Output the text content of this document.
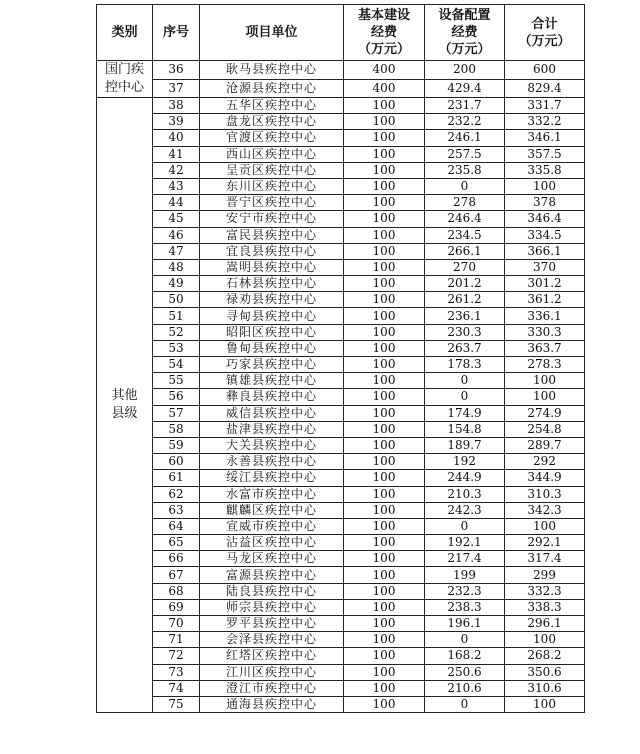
类别	序号	项目单位	基本建设
经费
（万元）	设备配置
经费
（万元）	合计
（万元）

国门疾
控中心	36	耿马县疾控中心	400	200	600
	37	沧源县疾控中心	400	429.4	829.4

其他
县级	38	五华区疾控中心	100	231.7	331.7
	39	盘龙区疾控中心	100	232.2	332.2
	40	官渡区疾控中心	100	246.1	346.1
	41	西山区疾控中心	100	257.5	357.5
	42	呈贡区疾控中心	100	235.8	335.8
	43	东川区疾控中心	100	0	100
	44	晋宁区疾控中心	100	278	378
	45	安宁市疾控中心	100	246.4	346.4
	46	富民县疾控中心	100	234.5	334.5
	47	宜良县疾控中心	100	266.1	366.1
	48	嵩明县疾控中心	100	270	370
	49	石林县疾控中心	100	201.2	301.2
	50	禄劝县疾控中心	100	261.2	361.2
	51	寻甸县疾控中心	100	236.1	336.1
	52	昭阳区疾控中心	100	230.3	330.3
	53	鲁甸县疾控中心	100	263.7	363.7
	54	巧家县疾控中心	100	178.3	278.3
	55	镇雄县疾控中心	100	0	100
	56	彝良县疾控中心	100	0	100
	57	威信县疾控中心	100	174.9	274.9
	58	盐津县疾控中心	100	154.8	254.8
	59	大关县疾控中心	100	189.7	289.7
	60	永善县疾控中心	100	192	292
	61	绥江县疾控中心	100	244.9	344.9
	62	水富市疾控中心	100	210.3	310.3
	63	麒麟区疾控中心	100	242.3	342.3
	64	宣威市疾控中心	100	0	100
	65	沾益区疾控中心	100	192.1	292.1
	66	马龙区疾控中心	100	217.4	317.4
	67	富源县疾控中心	100	199	299
	68	陆良县疾控中心	100	232.3	332.3
	69	师宗县疾控中心	100	238.3	338.3
	70	罗平县疾控中心	100	196.1	296.1
	71	会泽县疾控中心	100	0	100
	72	红塔区疾控中心	100	168.2	268.2
	73	江川区疾控中心	100	250.6	350.6
	74	澄江市疾控中心	100	210.6	310.6
	75	通海县疾控中心	100	0	100
